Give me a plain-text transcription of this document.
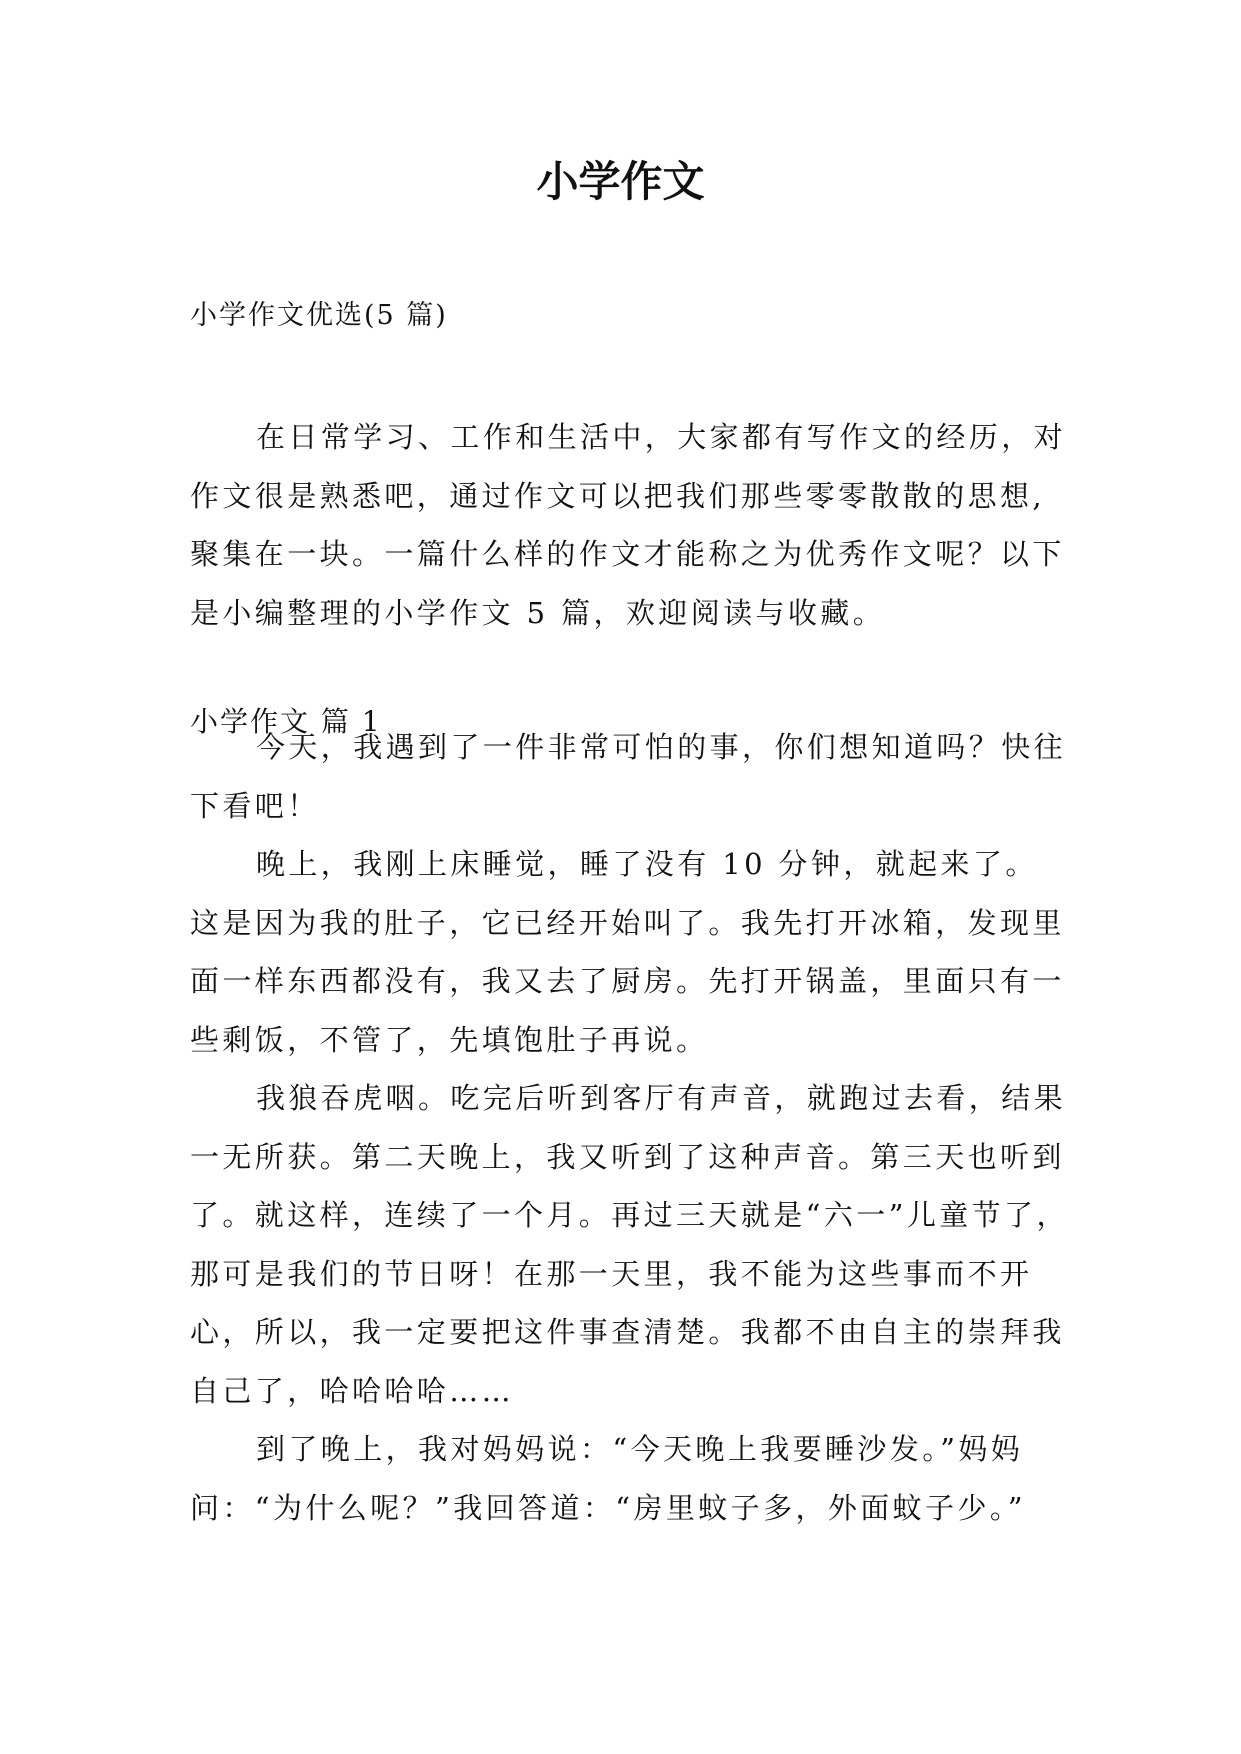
小学作文

小学作文优选(5 篇)

在日常学习、工作和生活中，大家都有写作文的经历，对作文很是熟悉吧，通过作文可以把我们那些零零散散的思想,聚集在一块。一篇什么样的作文才能称之为优秀作文呢？以下是小编整理的小学作文 5 篇，欢迎阅读与收藏。

小学作文 篇 1

今天，我遇到了一件非常可怕的事，你们想知道吗？快往下看吧！

晚上，我刚上床睡觉，睡了没有 10 分钟，就起来了。这是因为我的肚子，它已经开始叫了。我先打开冰箱，发现里面一样东西都没有，我又去了厨房。先打开锅盖，里面只有一些剩饭，不管了，先填饱肚子再说。

我狼吞虎咽。吃完后听到客厅有声音，就跑过去看，结果一无所获。第二天晚上，我又听到了这种声音。第三天也听到了。就这样，连续了一个月。再过三天就是“六一”儿童节了，那可是我们的节日呀！在那一天里，我不能为这些事而不开心，所以，我一定要把这件事查清楚。我都不由自主的崇拜我自己了，哈哈哈哈……

到了晚上，我对妈妈说：“今天晚上我要睡沙发。”妈妈问：“为什么呢？”我回答道：“房里蚊子多，外面蚊子少。”
